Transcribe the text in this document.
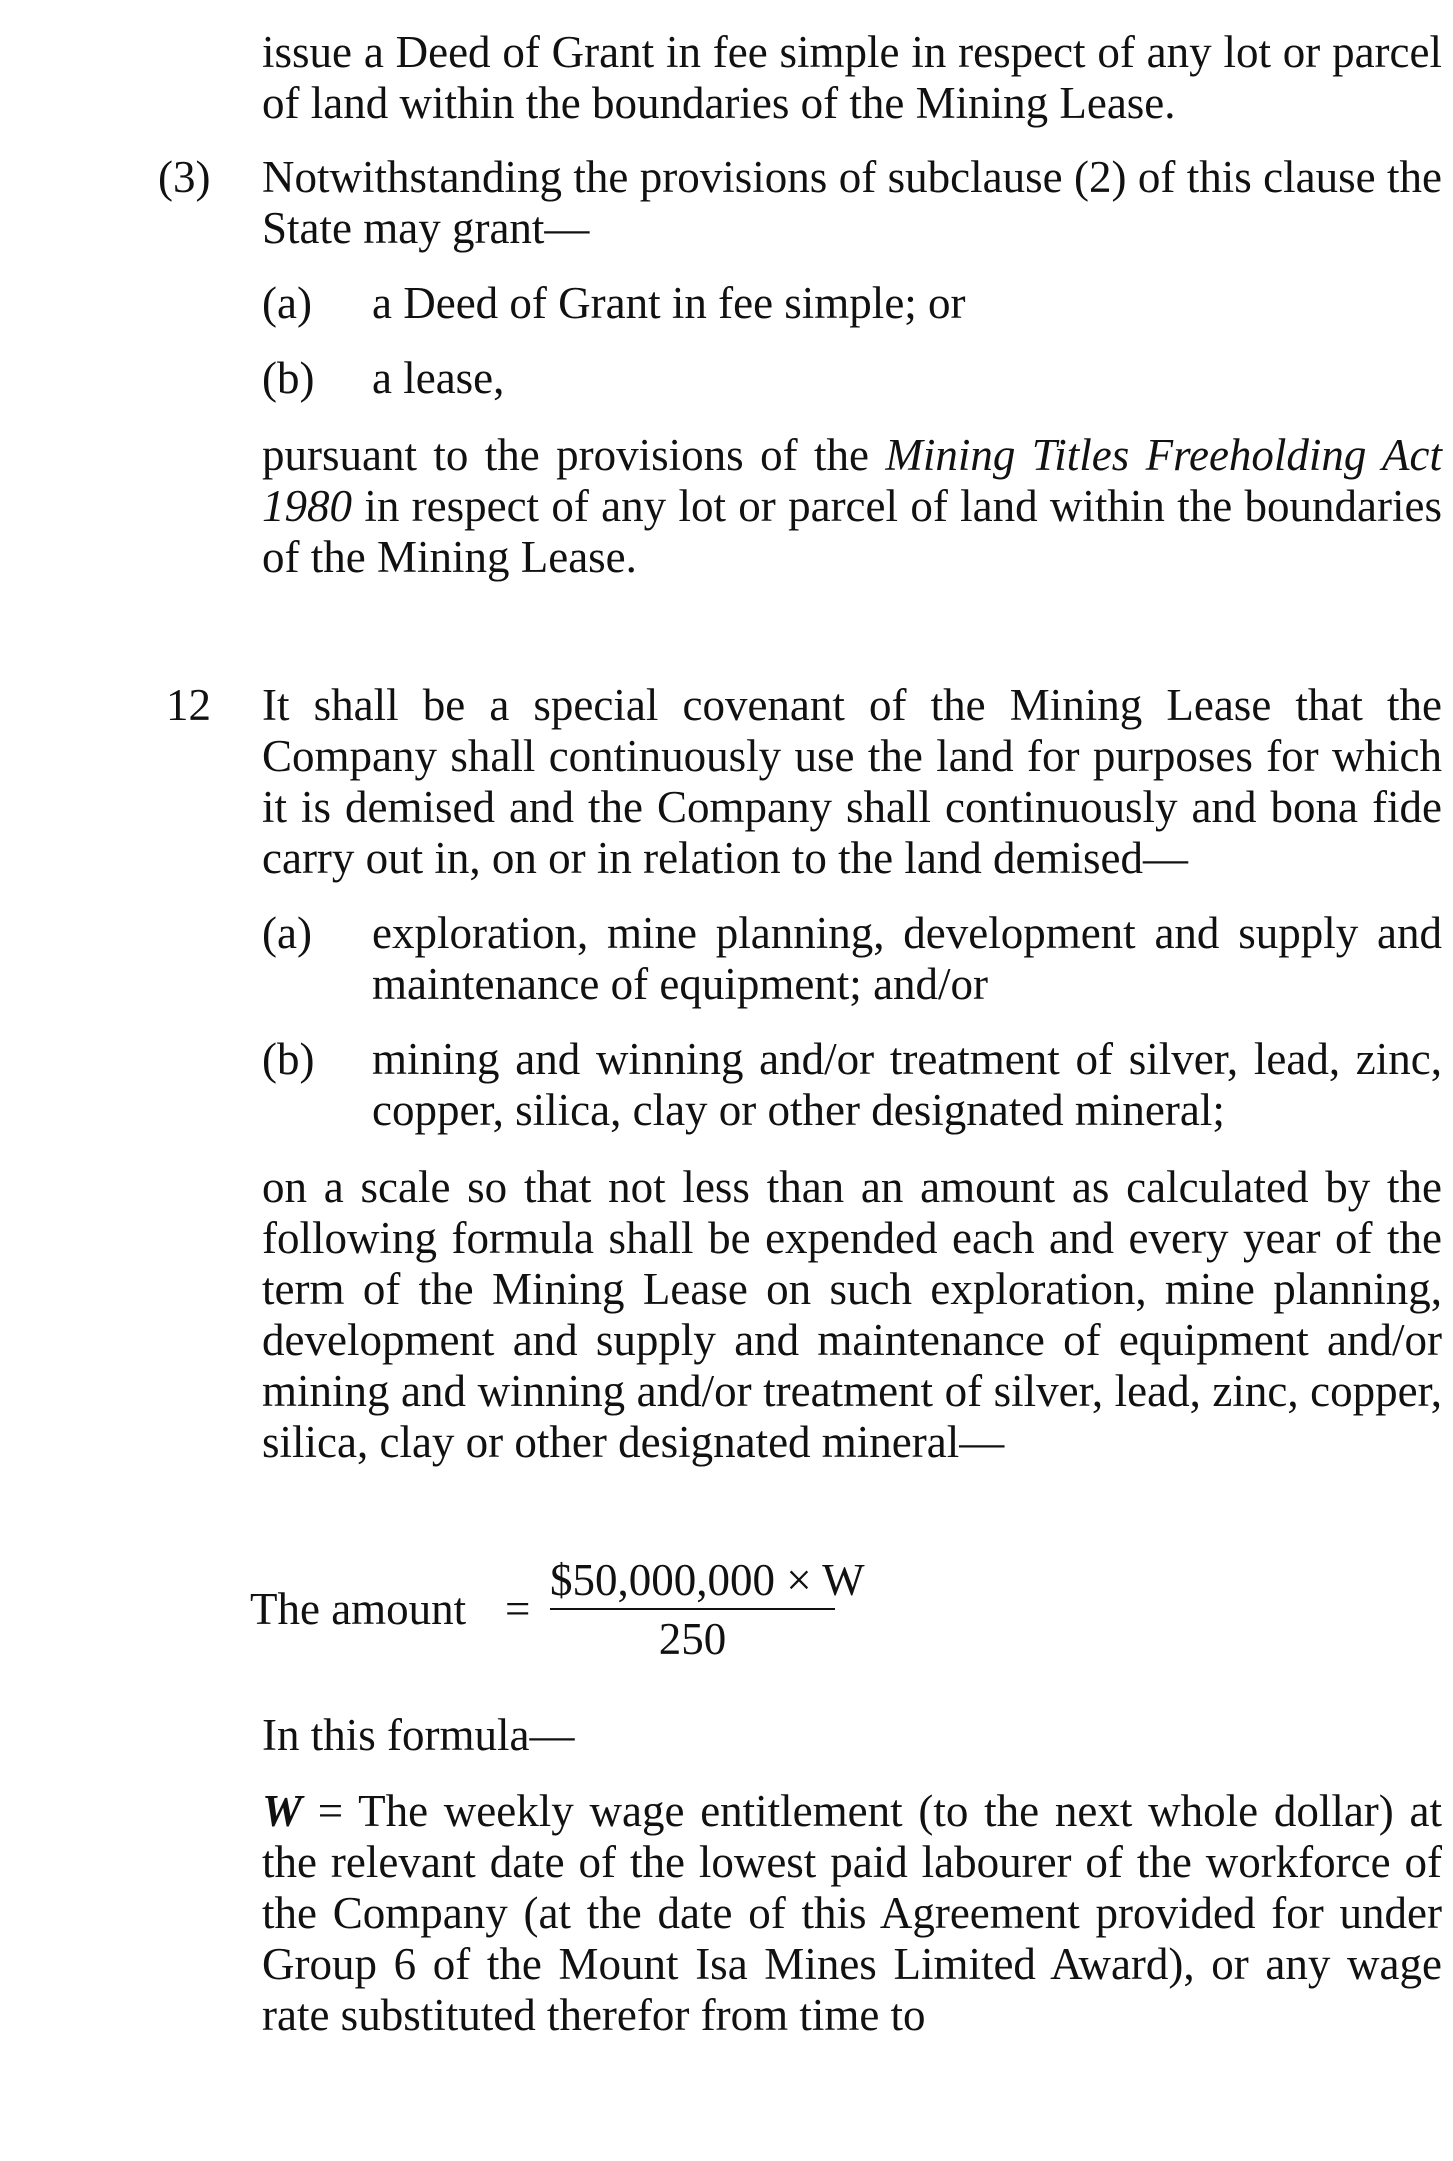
issue a Deed of Grant in fee simple in respect of any lot or parcel of land within the boundaries of the Mining Lease.

(3) Notwithstanding the provisions of subclause (2) of this clause the State may grant—

(a) a Deed of Grant in fee simple; or

(b) a lease,

pursuant to the provisions of the Mining Titles Freeholding Act 1980 in respect of any lot or parcel of land within the boundaries of the Mining Lease.

12 It shall be a special covenant of the Mining Lease that the Company shall continuously use the land for purposes for which it is demised and the Company shall continuously and bona fide carry out in, on or in relation to the land demised—

(a) exploration, mine planning, development and supply and maintenance of equipment; and/or

(b) mining and winning and/or treatment of silver, lead, zinc, copper, silica, clay or other designated mineral;

on a scale so that not less than an amount as calculated by the following formula shall be expended each and every year of the term of the Mining Lease on such exploration, mine planning, development and supply and maintenance of equipment and/or mining and winning and/or treatment of silver, lead, zinc, copper, silica, clay or other designated mineral—

The amount =
$50,000,000 × W
250

In this formula—

W = The weekly wage entitlement (to the next whole dollar) at the relevant date of the lowest paid labourer of the workforce of the Company (at the date of this Agreement provided for under Group 6 of the Mount Isa Mines Limited Award), or any wage rate substituted therefor from time to
